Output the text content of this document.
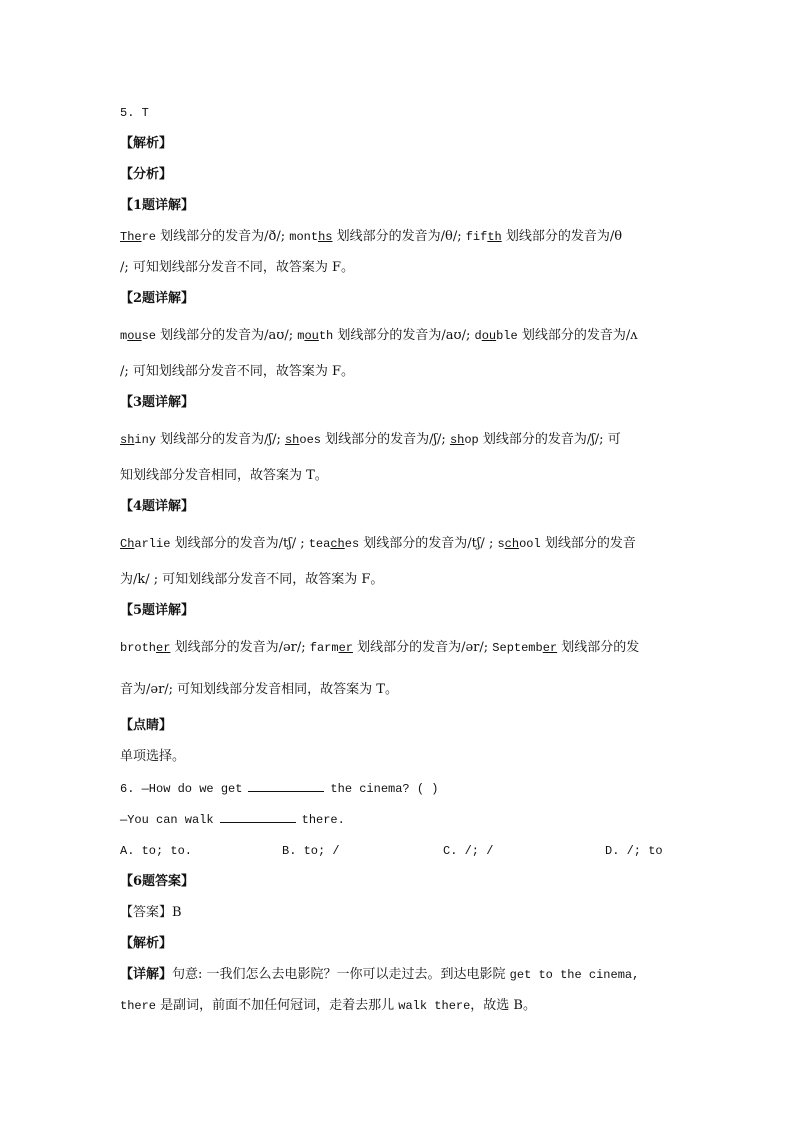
5. T
【解析】
【分析】
【1题详解】
There 划线部分的发音为/ð/; months 划线部分的发音为/θ/; fifth 划线部分的发音为/θ
/; 可知划线部分发音不同，故答案为 F。
【2题详解】
mouse 划线部分的发音为/aʊ/; mouth 划线部分的发音为/aʊ/; double 划线部分的发音为/ʌ
/; 可知划线部分发音不同，故答案为 F。
【3题详解】
shiny 划线部分的发音为/ʃ/; shoes 划线部分的发音为/ʃ/; shop 划线部分的发音为/ʃ/; 可
知划线部分发音相同，故答案为 T。
【4题详解】
Charlie 划线部分的发音为/tʃ/ ; teaches 划线部分的发音为/tʃ/ ; school 划线部分的发音
为/k/ ; 可知划线部分发音不同，故答案为 F。
【5题详解】
brother 划线部分的发音为/ər/; farmer 划线部分的发音为/ər/; September 划线部分的发
音为/ər/; 可知划线部分发音相同，故答案为 T。
【点睛】
单项选择。
6. —How do we get	the cinema? ( )
—You can walk	there.
A. to; to.	B. to; /	C. /; /	D. /; to
【6题答案】
【答案】B
【解析】
【详解】句意: 一我们怎么去电影院？一你可以走过去。到达电影院 get to the cinema,
there 是副词，前面不加任何冠词，走着去那儿 walk there，故选 B。
